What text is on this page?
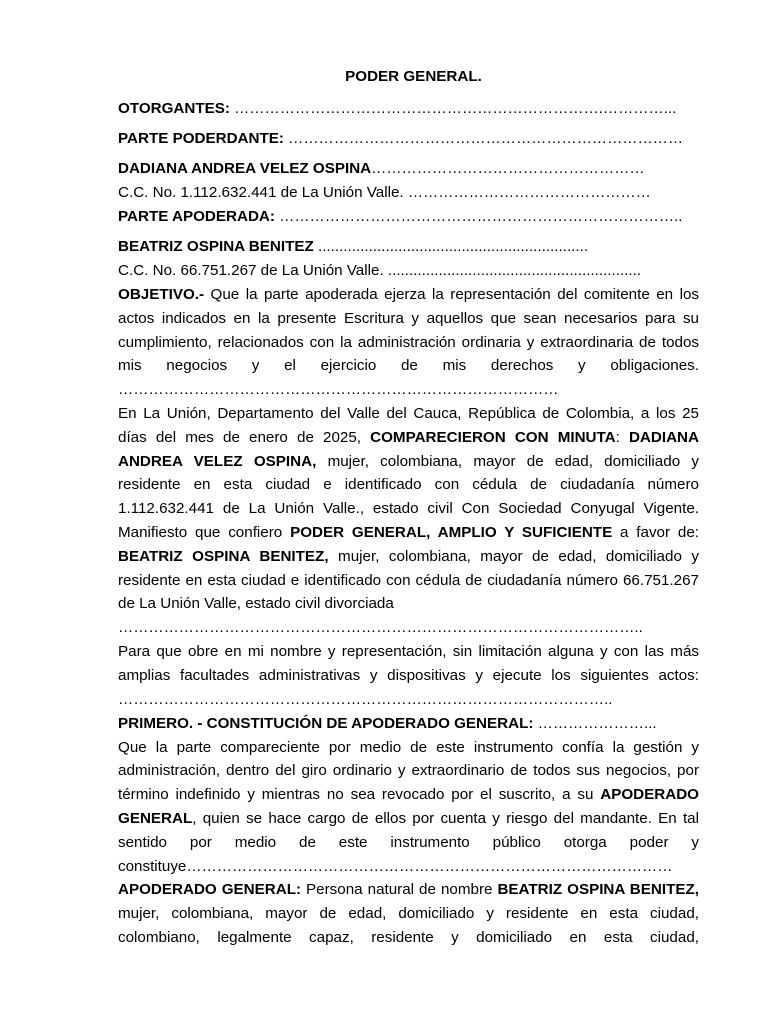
PODER GENERAL.

OTORGANTES: ……………………………………………………………….…………...

PARTE PODERDANTE: ……………………………………………………………………

DADIANA ANDREA VELEZ OSPINA………………………………………………

C.C. No. 1.112.632.441 de La Unión Valle. …………………………………………

PARTE APODERADA: ……………………………………………………………………..

BEATRIZ OSPINA BENITEZ ................................................................

C.C. No. 66.751.267 de La Unión Valle. ............................................................

OBJETIVO.- Que la parte apoderada ejerza la representación del comitente en los actos indicados en la presente Escritura y aquellos que sean necesarios para su cumplimiento, relacionados con la administración ordinaria y extraordinaria de todos mis negocios y el ejercicio de mis derechos y obligaciones. ……………………………………………………………………………

En La Unión, Departamento del Valle del Cauca, República de Colombia, a los 25 días del mes de enero de 2025, COMPARECIERON CON MINUTA: DADIANA ANDREA VELEZ OSPINA, mujer, colombiana, mayor de edad, domiciliado y residente en esta ciudad e identificado con cédula de ciudadanía número 1.112.632.441 de La Unión Valle., estado civil Con Sociedad Conyugal Vigente. Manifiesto que confiero PODER GENERAL, AMPLIO Y SUFICIENTE a favor de: BEATRIZ OSPINA BENITEZ, mujer, colombiana, mayor de edad, domiciliado y residente en esta ciudad e identificado con cédula de ciudadanía número 66.751.267 de La Unión Valle, estado civil divorciada

…………………………………………………………………………………………..

Para que obre en mi nombre y representación, sin limitación alguna y con las más amplias facultades administrativas y dispositivas y ejecute los siguientes actos: ……………………………………………………………………………………..

PRIMERO. - CONSTITUCIÓN DE APODERADO GENERAL: …………………...

Que la parte compareciente por medio de este instrumento confía la gestión y administración, dentro del giro ordinario y extraordinario de todos sus negocios, por término indefinido y mientras no sea revocado por el suscrito, a su APODERADO GENERAL, quien se hace cargo de ellos por cuenta y riesgo del mandante. En tal sentido por medio de este instrumento público otorga poder y constituye……………………………………………………………………………………

APODERADO GENERAL: Persona natural de nombre BEATRIZ OSPINA BENITEZ, mujer, colombiana, mayor de edad, domiciliado y residente en esta ciudad, colombiano, legalmente capaz, residente y domiciliado en esta ciudad,
